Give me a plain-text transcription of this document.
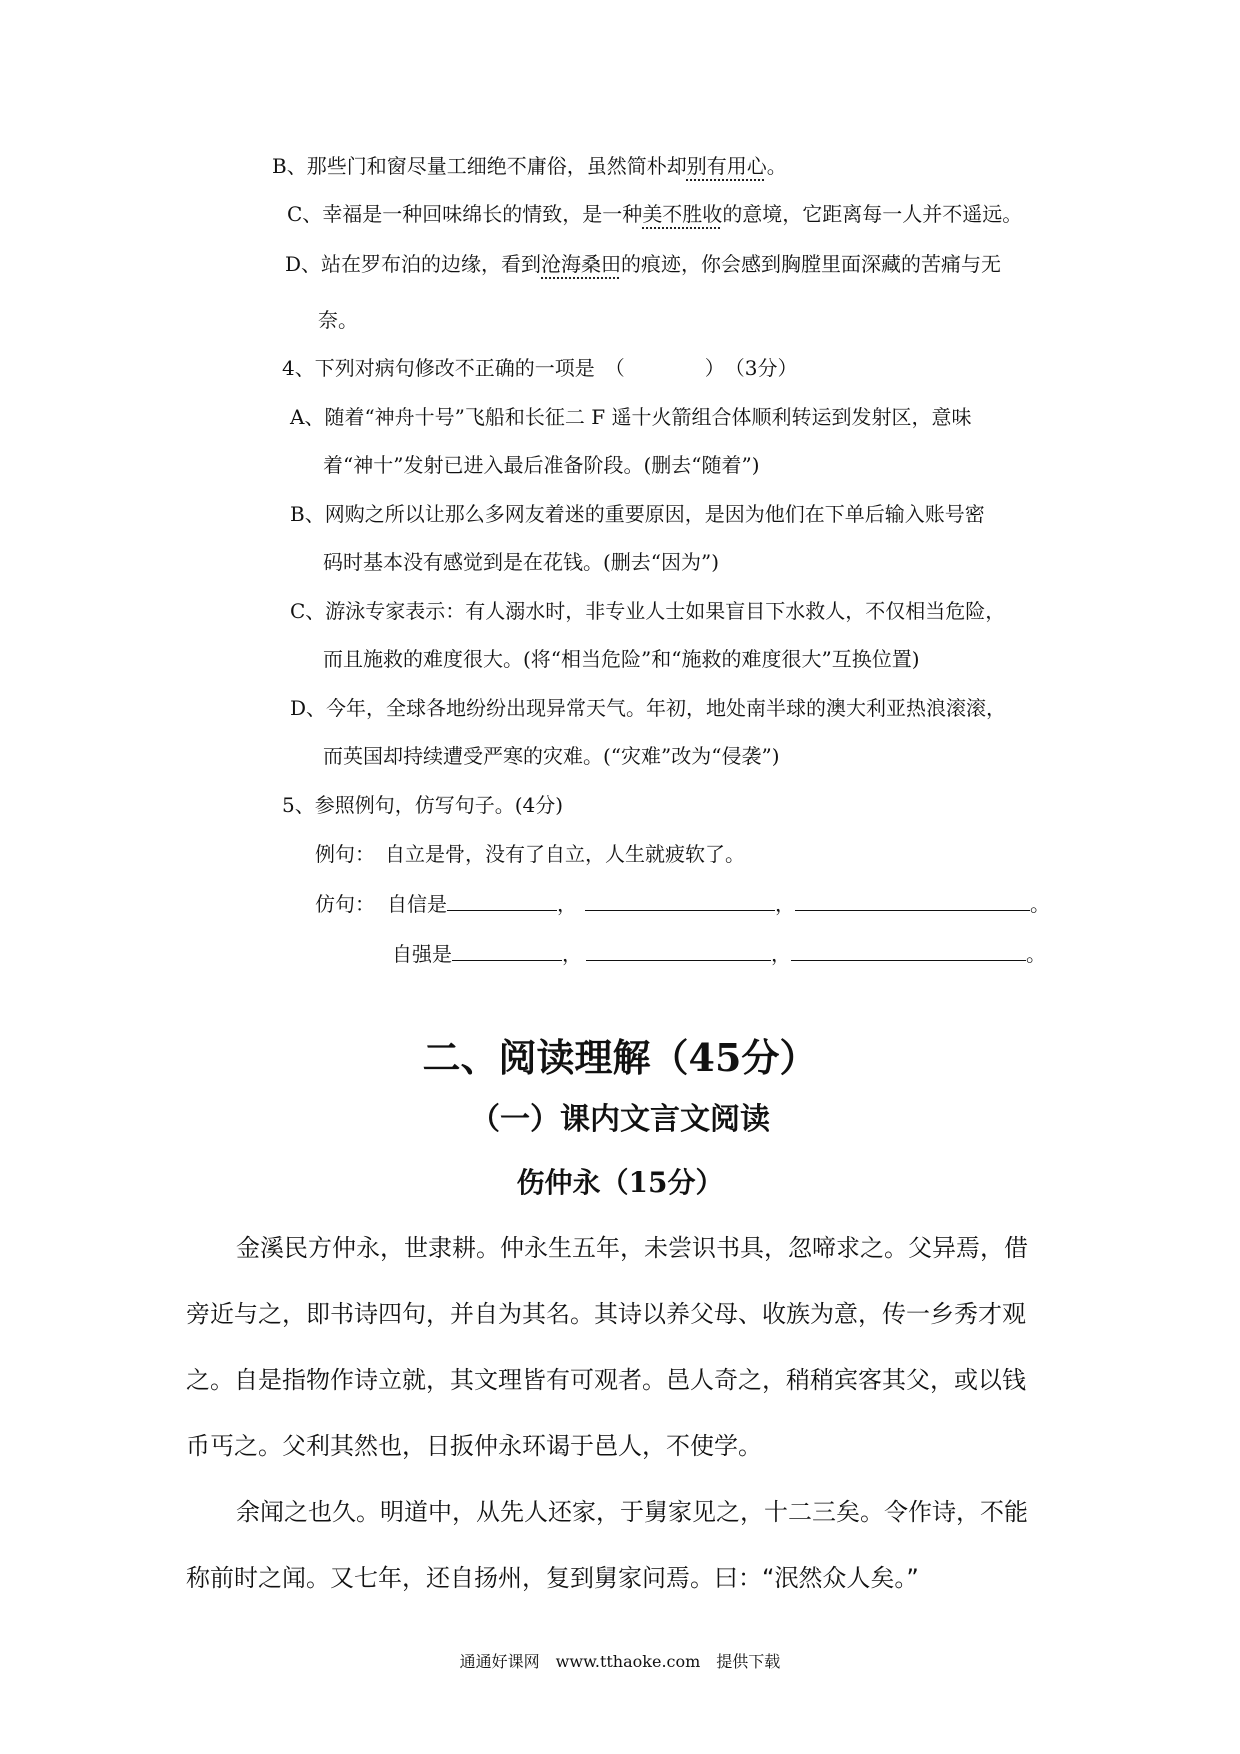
B、那些门和窗尽量工细绝不庸俗，虽然简朴却别有用心。
C、幸福是一种回味绵长的情致，是一种美不胜收的意境，它距离每一人并不遥远。
D、站在罗布泊的边缘，看到沧海桑田的痕迹，你会感到胸膛里面深藏的苦痛与无
奈。
4、下列对病句修改不正确的一项是　（　　　　）　（3分）
A、随着“神舟十号”飞船和长征二 F 遥十火箭组合体顺利转运到发射区，意味
着“神十”发射已进入最后准备阶段。(删去“随着”)
B、网购之所以让那么多网友着迷的重要原因，是因为他们在下单后输入账号密
码时基本没有感觉到是在花钱。(删去“因为”)
C、游泳专家表示：有人溺水时，非专业人士如果盲目下水救人，不仅相当危险，
而且施救的难度很大。(将“相当危险”和“施救的难度很大”互换位置)
D、今年，全球各地纷纷出现异常天气。年初，地处南半球的澳大利亚热浪滚滚，
而英国却持续遭受严寒的灾难。(“灾难”改为“侵袭”)
5、参照例句，仿写句子。(4分)
例句： 自立是骨，没有了自立，人生就疲软了。
仿句： 自信是	，	，	。
自强是	，	，	。
二、阅读理解（45分）
（一）课内文言文阅读
伤仲永（15分）
金溪民方仲永，世隶耕。仲永生五年，未尝识书具，忽啼求之。父异焉，借
旁近与之，即书诗四句，并自为其名。其诗以养父母、收族为意，传一乡秀才观
之。自是指物作诗立就，其文理皆有可观者。邑人奇之，稍稍宾客其父，或以钱
币丐之。父利其然也，日扳仲永环谒于邑人，不使学。
余闻之也久。明道中，从先人还家，于舅家见之，十二三矣。令作诗，不能
称前时之闻。又七年，还自扬州，复到舅家问焉。曰：“泯然众人矣。”
通通好课网　www.tthaoke.com　提供下载
